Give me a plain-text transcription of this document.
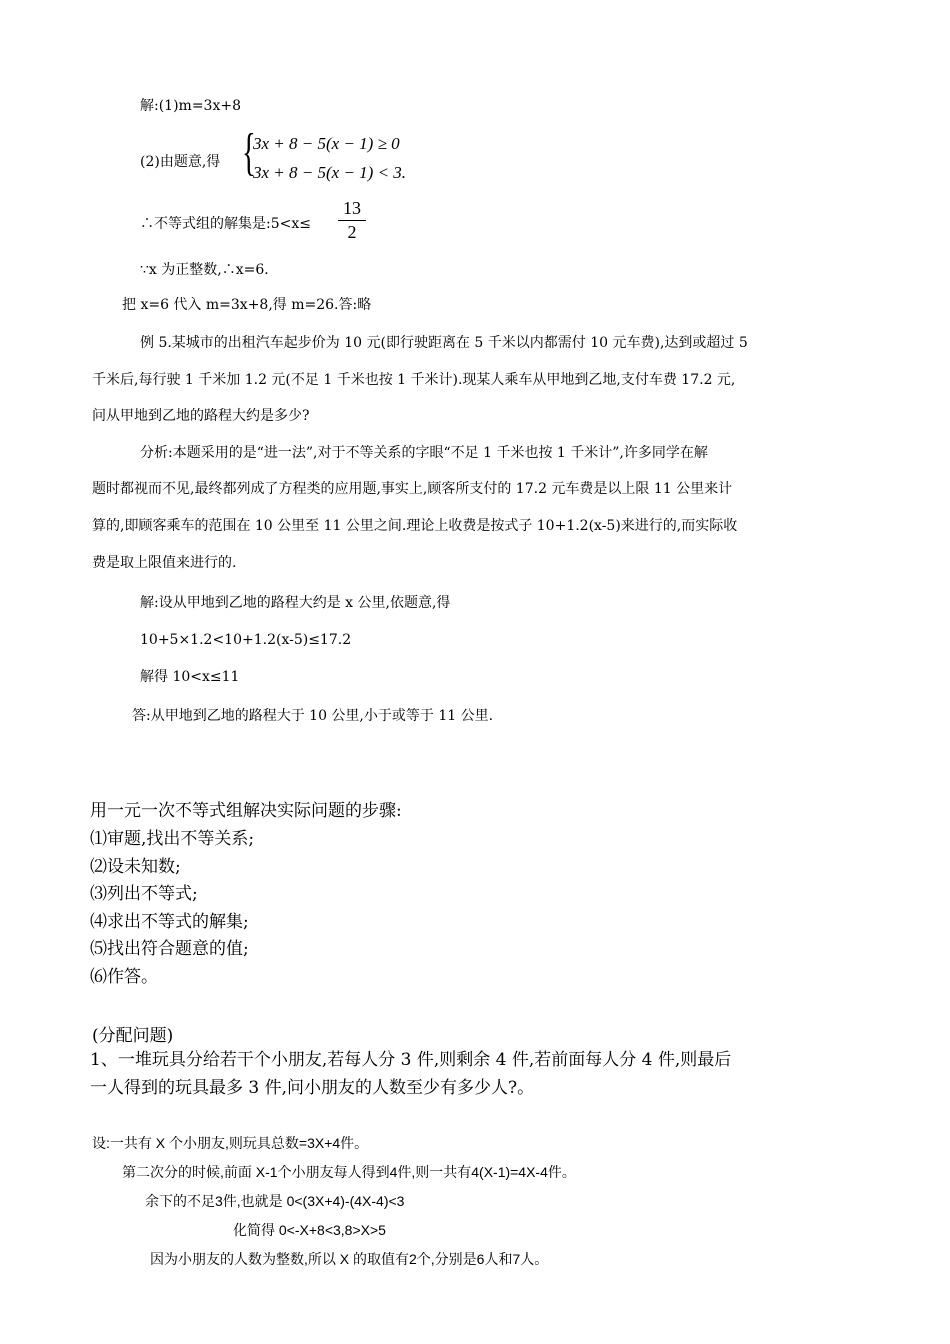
解:(1)m=3x+8
(2)由题意,得 {
3x + 8 − 5(x − 1) ≥ 0
3x + 8 − 5(x − 1) < 3.
∴不等式组的解集是:5<x≤
13
2
∵x 为正整数,∴x=6.
把 x=6 代入 m=3x+8,得 m=26.答:略
例 5.某城市的出租汽车起步价为 10 元(即行驶距离在 5 千米以内都需付 10 元车费),达到或超过 5
千米后,每行驶 1 千米加 1.2 元(不足 1 千米也按 1 千米计).现某人乘车从甲地到乙地,支付车费 17.2 元,
问从甲地到乙地的路程大约是多少?
分析:本题采用的是“进一法”,对于不等关系的字眼“不足 1 千米也按 1 千米计”,许多同学在解
题时都视而不见,最终都列成了方程类的应用题,事实上,顾客所支付的 17.2 元车费是以上限 11 公里来计
算的,即顾客乘车的范围在 10 公里至 11 公里之间.理论上收费是按式子 10+1.2(x-5)来进行的,而实际收
费是取上限值来进行的.
解:设从甲地到乙地的路程大约是 x 公里,依题意,得
10+5×1.2<10+1.2(x-5)≤17.2
解得 10<x≤11
答:从甲地到乙地的路程大于 10 公里,小于或等于 11 公里.
用一元一次不等式组解决实际问题的步骤:
⑴审题,找出不等关系;
⑵设未知数;
⑶列出不等式;
⑷求出不等式的解集;
⑸找出符合题意的值;
⑹作答。
(分配问题)
1、一堆玩具分给若干个小朋友,若每人分 3 件,则剩余 4 件,若前面每人分 4 件,则最后
一人得到的玩具最多 3 件,问小朋友的人数至少有多少人?。
设:一共有 X 个小朋友,则玩具总数=3X+4件。
第二次分的时候,前面 X-1个小朋友每人得到4件,则一共有4(X-1)=4X-4件。
余下的不足3件,也就是 0<(3X+4)-(4X-4)<3
化简得 0<-X+8<3,8>X>5
因为小朋友的人数为整数,所以 X 的取值有2个,分别是6人和7人。
